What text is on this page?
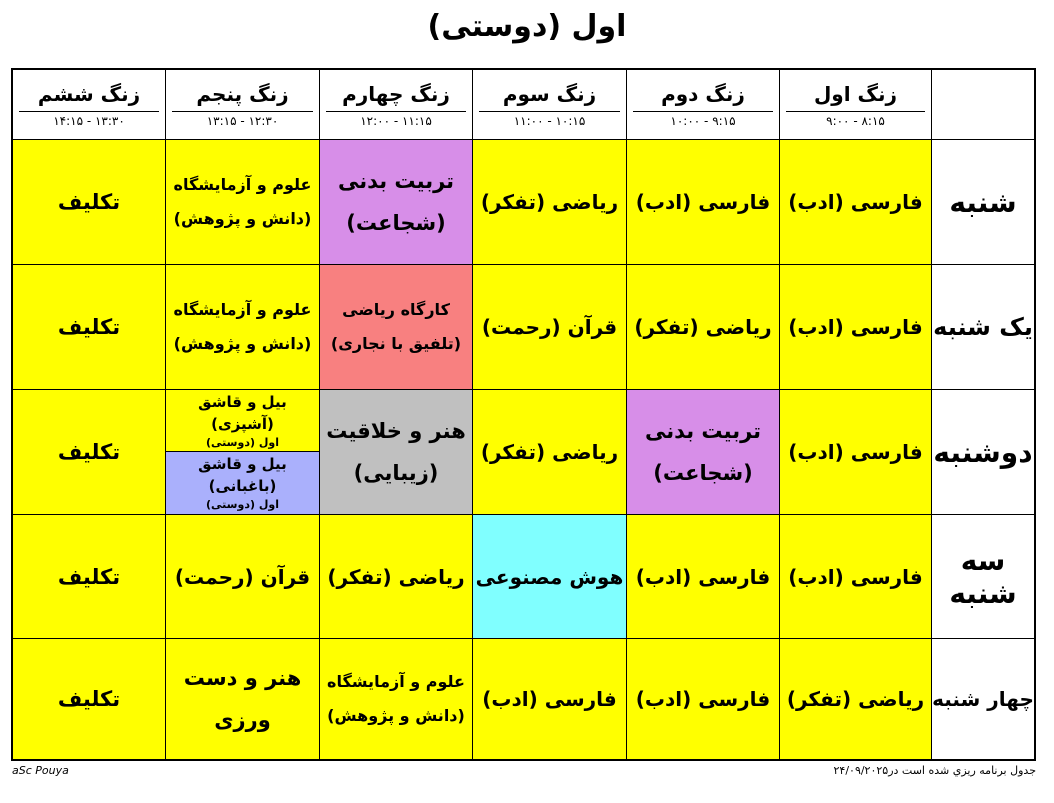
اول (دوستی)
زنگ اول
۸:۱۵ - ۹:۰۰
زنگ دوم
۹:۱۵ - ۱۰:۰۰
زنگ سوم
۱۰:۱۵ - ۱۱:۰۰
زنگ چهارم
۱۱:۱۵ - ۱۲:۰۰
زنگ پنجم
۱۲:۳۰ - ۱۳:۱۵
زنگ ششم
۱۳:۳۰ - ۱۴:۱۵
شنبه
فارسی (ادب)
فارسی (ادب)
ریاضی (تفکر)
تربیت بدنی
(شجاعت)
علوم و آزمایشگاه
(دانش و پژوهش)
تکلیف
یک شنبه
فارسی (ادب)
ریاضی (تفکر)
قرآن (رحمت)
کارگاه ریاضی
(تلفیق با نجاری)
علوم و آزمایشگاه
(دانش و پژوهش)
تکلیف
دوشنبه
فارسی (ادب)
تربیت بدنی
(شجاعت)
ریاضی (تفکر)
هنر و خلاقیت
(زیبایی)
بیل و قاشق (آشپزی)
اول (دوستی)
بیل و قاشق (باغبانی)
اول (دوستی)
تکلیف
سه شنبه
فارسی (ادب)
فارسی (ادب)
هوش مصنوعی
ریاضی (تفکر)
قرآن (رحمت)
تکلیف
چهار شنبه
ریاضی (تفکر)
فارسی (ادب)
فارسی (ادب)
علوم و آزمایشگاه
(دانش و پژوهش)
هنر و دست
ورزی
تکلیف
aSc Pouya	جدول برنامه ريزي شده است در۲۴/۰۹/۲۰۲۵
